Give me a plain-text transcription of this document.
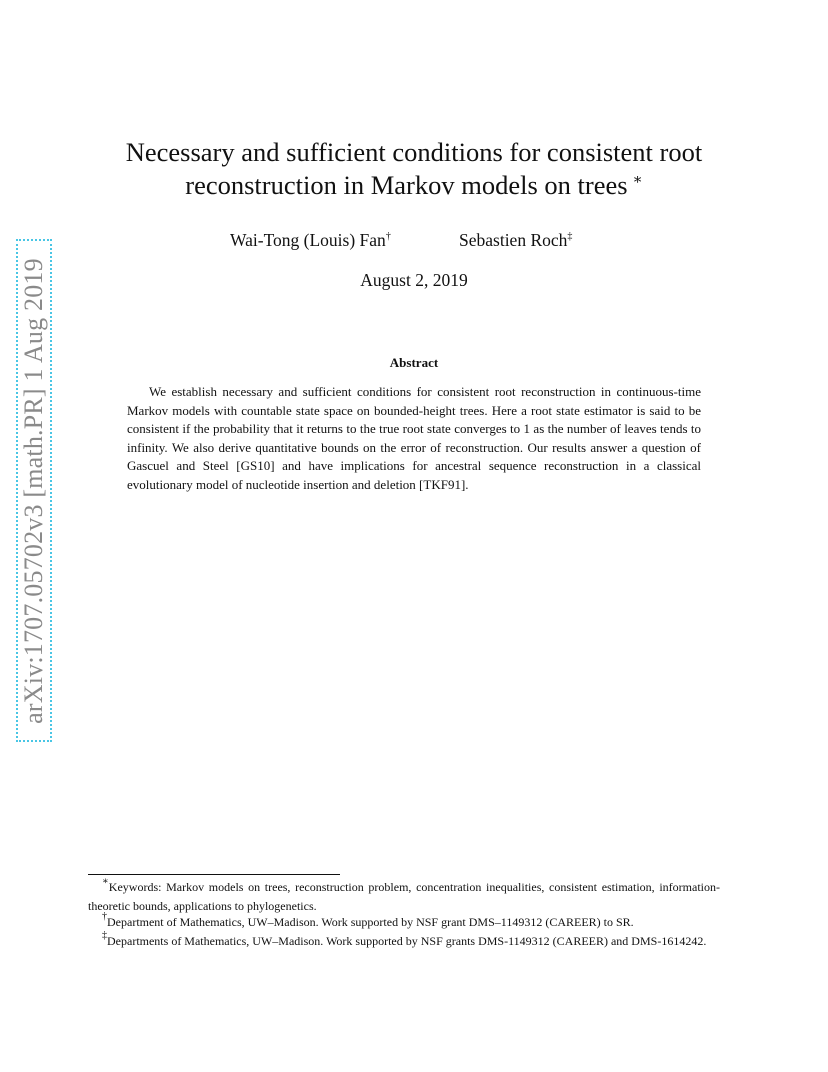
arXiv:1707.05702v3 [math.PR] 1 Aug 2019
Necessary and sufficient conditions for consistent root reconstruction in Markov models on trees ∗
Wai-Tong (Louis) Fan†	Sebastien Roch‡
August 2, 2019
Abstract

We establish necessary and sufficient conditions for consistent root reconstruction in continuous-time Markov models with countable state space on bounded-height trees. Here a root state estimator is said to be consistent if the probability that it returns to the true root state converges to 1 as the number of leaves tends to infinity. We also derive quantitative bounds on the error of reconstruction. Our results answer a question of Gascuel and Steel [GS10] and have implications for ancestral sequence reconstruction in a classical evolutionary model of nucleotide insertion and deletion [TKF91].

∗Keywords: Markov models on trees, reconstruction problem, concentration inequalities, consistent estimation, information-theoretic bounds, applications to phylogenetics.

†Department of Mathematics, UW–Madison. Work supported by NSF grant DMS–1149312 (CAREER) to SR.

‡Departments of Mathematics, UW–Madison. Work supported by NSF grants DMS-1149312 (CAREER) and DMS-1614242.
